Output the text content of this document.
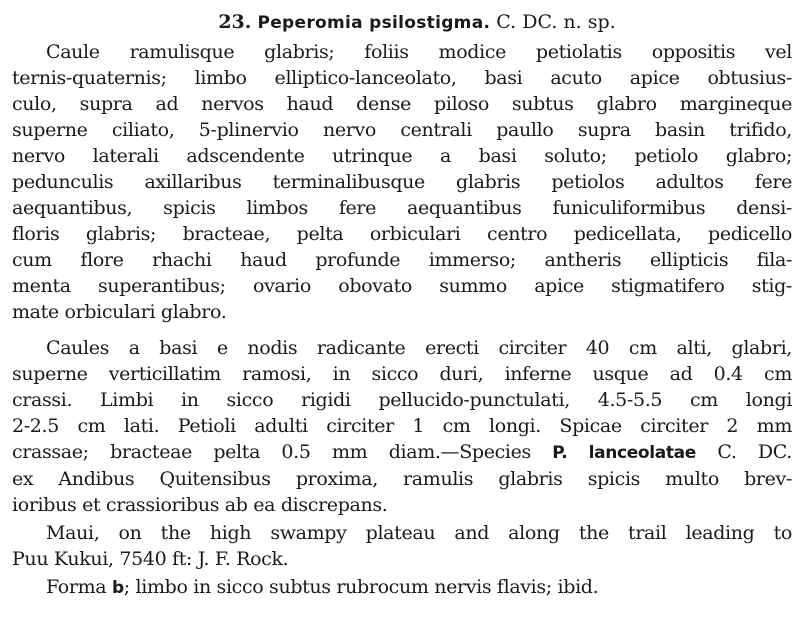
23. Peperomia psilostigma. C. DC. n. sp.
Caule ramulisque glabris; foliis modice petiolatis oppositis vel
ternis-quaternis; limbo elliptico-lanceolato, basi acuto apice obtusius-
culo, supra ad nervos haud dense piloso subtus glabro margineque
superne ciliato, 5-plinervio nervo centrali paullo supra basin trifido,
nervo laterali adscendente utrinque a basi soluto; petiolo glabro;
pedunculis axillaribus terminalibusque glabris petiolos adultos fere
aequantibus, spicis limbos fere aequantibus funiculiformibus densi-
floris glabris; bracteae, pelta orbiculari centro pedicellata, pedicello
cum flore rhachi haud profunde immerso; antheris ellipticis fila-
menta superantibus; ovario obovato summo apice stigmatifero stig-
mate orbiculari glabro.
Caules a basi e nodis radicante erecti circiter 40 cm alti, glabri,
superne verticillatim ramosi, in sicco duri, inferne usque ad 0.4 cm
crassi. Limbi in sicco rigidi pellucido-punctulati, 4.5-5.5 cm longi
2-2.5 cm lati. Petioli adulti circiter 1 cm longi. Spicae circiter 2 mm
crassae; bracteae pelta 0.5 mm diam.—Species P. lanceolatae C. DC.
ex Andibus Quitensibus proxima, ramulis glabris spicis multo brev-
ioribus et crassioribus ab ea discrepans.
Maui, on the high swampy plateau and along the trail leading to
Puu Kukui, 7540 ft: J. F. Rock.
Forma b; limbo in sicco subtus rubrocum nervis flavis; ibid.
